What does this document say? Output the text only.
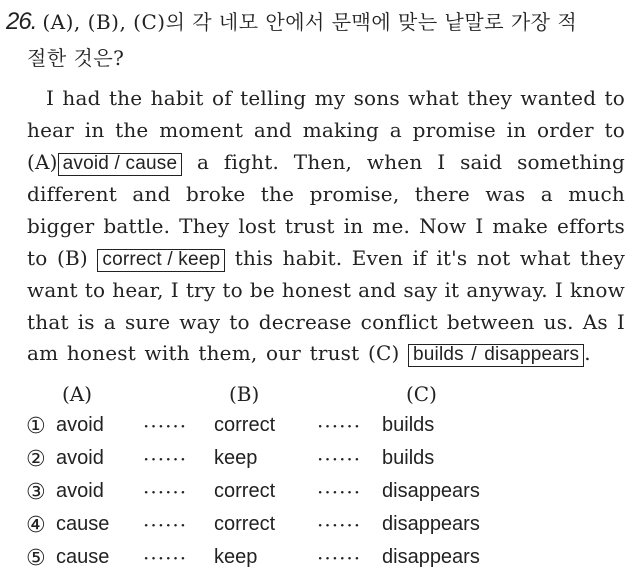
26. (A), (B), (C)의 각 네모 안에서 문맥에 맞는 낱말로 가장 적
절한 것은?
I had the habit of telling my sons what they wanted to
hear in the moment and making a promise in order to
(A) avoid / cause a fight. Then, when I said something
different and broke the promise, there was a much
bigger battle. They lost trust in me. Now I make efforts
to (B) correct / keep this habit. Even if it's not what they
want to hear, I try to be honest and say it anyway. I know
that is a sure way to decrease conflict between us. As I
am honest with them, our trust (C) builds / disappears .
(A)	(B)	(C)
① avoid ······ correct ······ builds
② avoid ······ keep	······ builds
③ avoid ······ correct ······ disappears
④ cause ······ correct ······ disappears
⑤ cause ······ keep	······ disappears
